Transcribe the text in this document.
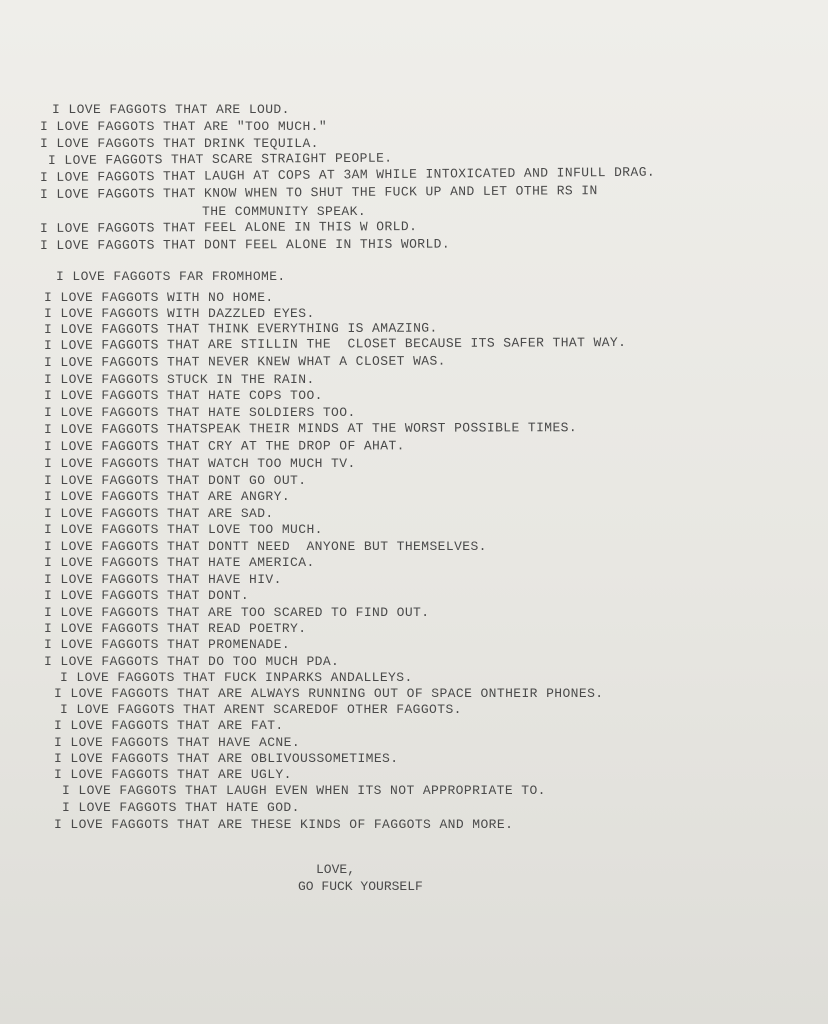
I LOVE FAGGOTS THAT ARE LOUD.
I LOVE FAGGOTS THAT ARE "TOO MUCH."
I LOVE FAGGOTS THAT DRINK TEQUILA.
I LOVE FAGGOTS THAT SCARE STRAIGHT PEOPLE.
I LOVE FAGGOTS THAT LAUGH AT COPS AT 3AM WHILE INTOXICATED AND INFULL DRAG.
I LOVE FAGGOTS THAT KNOW WHEN TO SHUT THE FUCK UP AND LET OTHE RS IN
THE COMMUNITY SPEAK.
I LOVE FAGGOTS THAT FEEL ALONE IN THIS W ORLD.
I LOVE FAGGOTS THAT DONT FEEL ALONE IN THIS WORLD.
I LOVE FAGGOTS FAR FROMHOME.
I LOVE FAGGOTS WITH NO HOME.
I LOVE FAGGOTS WITH DAZZLED EYES.
I LOVE FAGGOTS THAT THINK EVERYTHING IS AMAZING.
I LOVE FAGGOTS THAT ARE STILLIN THE  CLOSET BECAUSE ITS SAFER THAT WAY.
I LOVE FAGGOTS THAT NEVER KNEW WHAT A CLOSET WAS.
I LOVE FAGGOTS STUCK IN THE RAIN.
I LOVE FAGGOTS THAT HATE COPS TOO.
I LOVE FAGGOTS THAT HATE SOLDIERS TOO.
I LOVE FAGGOTS THATSPEAK THEIR MINDS AT THE WORST POSSIBLE TIMES.
I LOVE FAGGOTS THAT CRY AT THE DROP OF AHAT.
I LOVE FAGGOTS THAT WATCH TOO MUCH TV.
I LOVE FAGGOTS THAT DONT GO OUT.
I LOVE FAGGOTS THAT ARE ANGRY.
I LOVE FAGGOTS THAT ARE SAD.
I LOVE FAGGOTS THAT LOVE TOO MUCH.
I LOVE FAGGOTS THAT DONTT NEED  ANYONE BUT THEMSELVES.
I LOVE FAGGOTS THAT HATE AMERICA.
I LOVE FAGGOTS THAT HAVE HIV.
I LOVE FAGGOTS THAT DONT.
I LOVE FAGGOTS THAT ARE TOO SCARED TO FIND OUT.
I LOVE FAGGOTS THAT READ POETRY.
I LOVE FAGGOTS THAT PROMENADE.
I LOVE FAGGOTS THAT DO TOO MUCH PDA.
I LOVE FAGGOTS THAT FUCK INPARKS ANDALLEYS.
I LOVE FAGGOTS THAT ARE ALWAYS RUNNING OUT OF SPACE ONTHEIR PHONES.
I LOVE FAGGOTS THAT ARENT SCAREDOF OTHER FAGGOTS.
I LOVE FAGGOTS THAT ARE FAT.
I LOVE FAGGOTS THAT HAVE ACNE.
I LOVE FAGGOTS THAT ARE OBLIVOUSSOMETIMES.
I LOVE FAGGOTS THAT ARE UGLY.
I LOVE FAGGOTS THAT LAUGH EVEN WHEN ITS NOT APPROPRIATE TO.
I LOVE FAGGOTS THAT HATE GOD.
I LOVE FAGGOTS THAT ARE THESE KINDS OF FAGGOTS AND MORE.
LOVE,
GO FUCK YOURSELF
